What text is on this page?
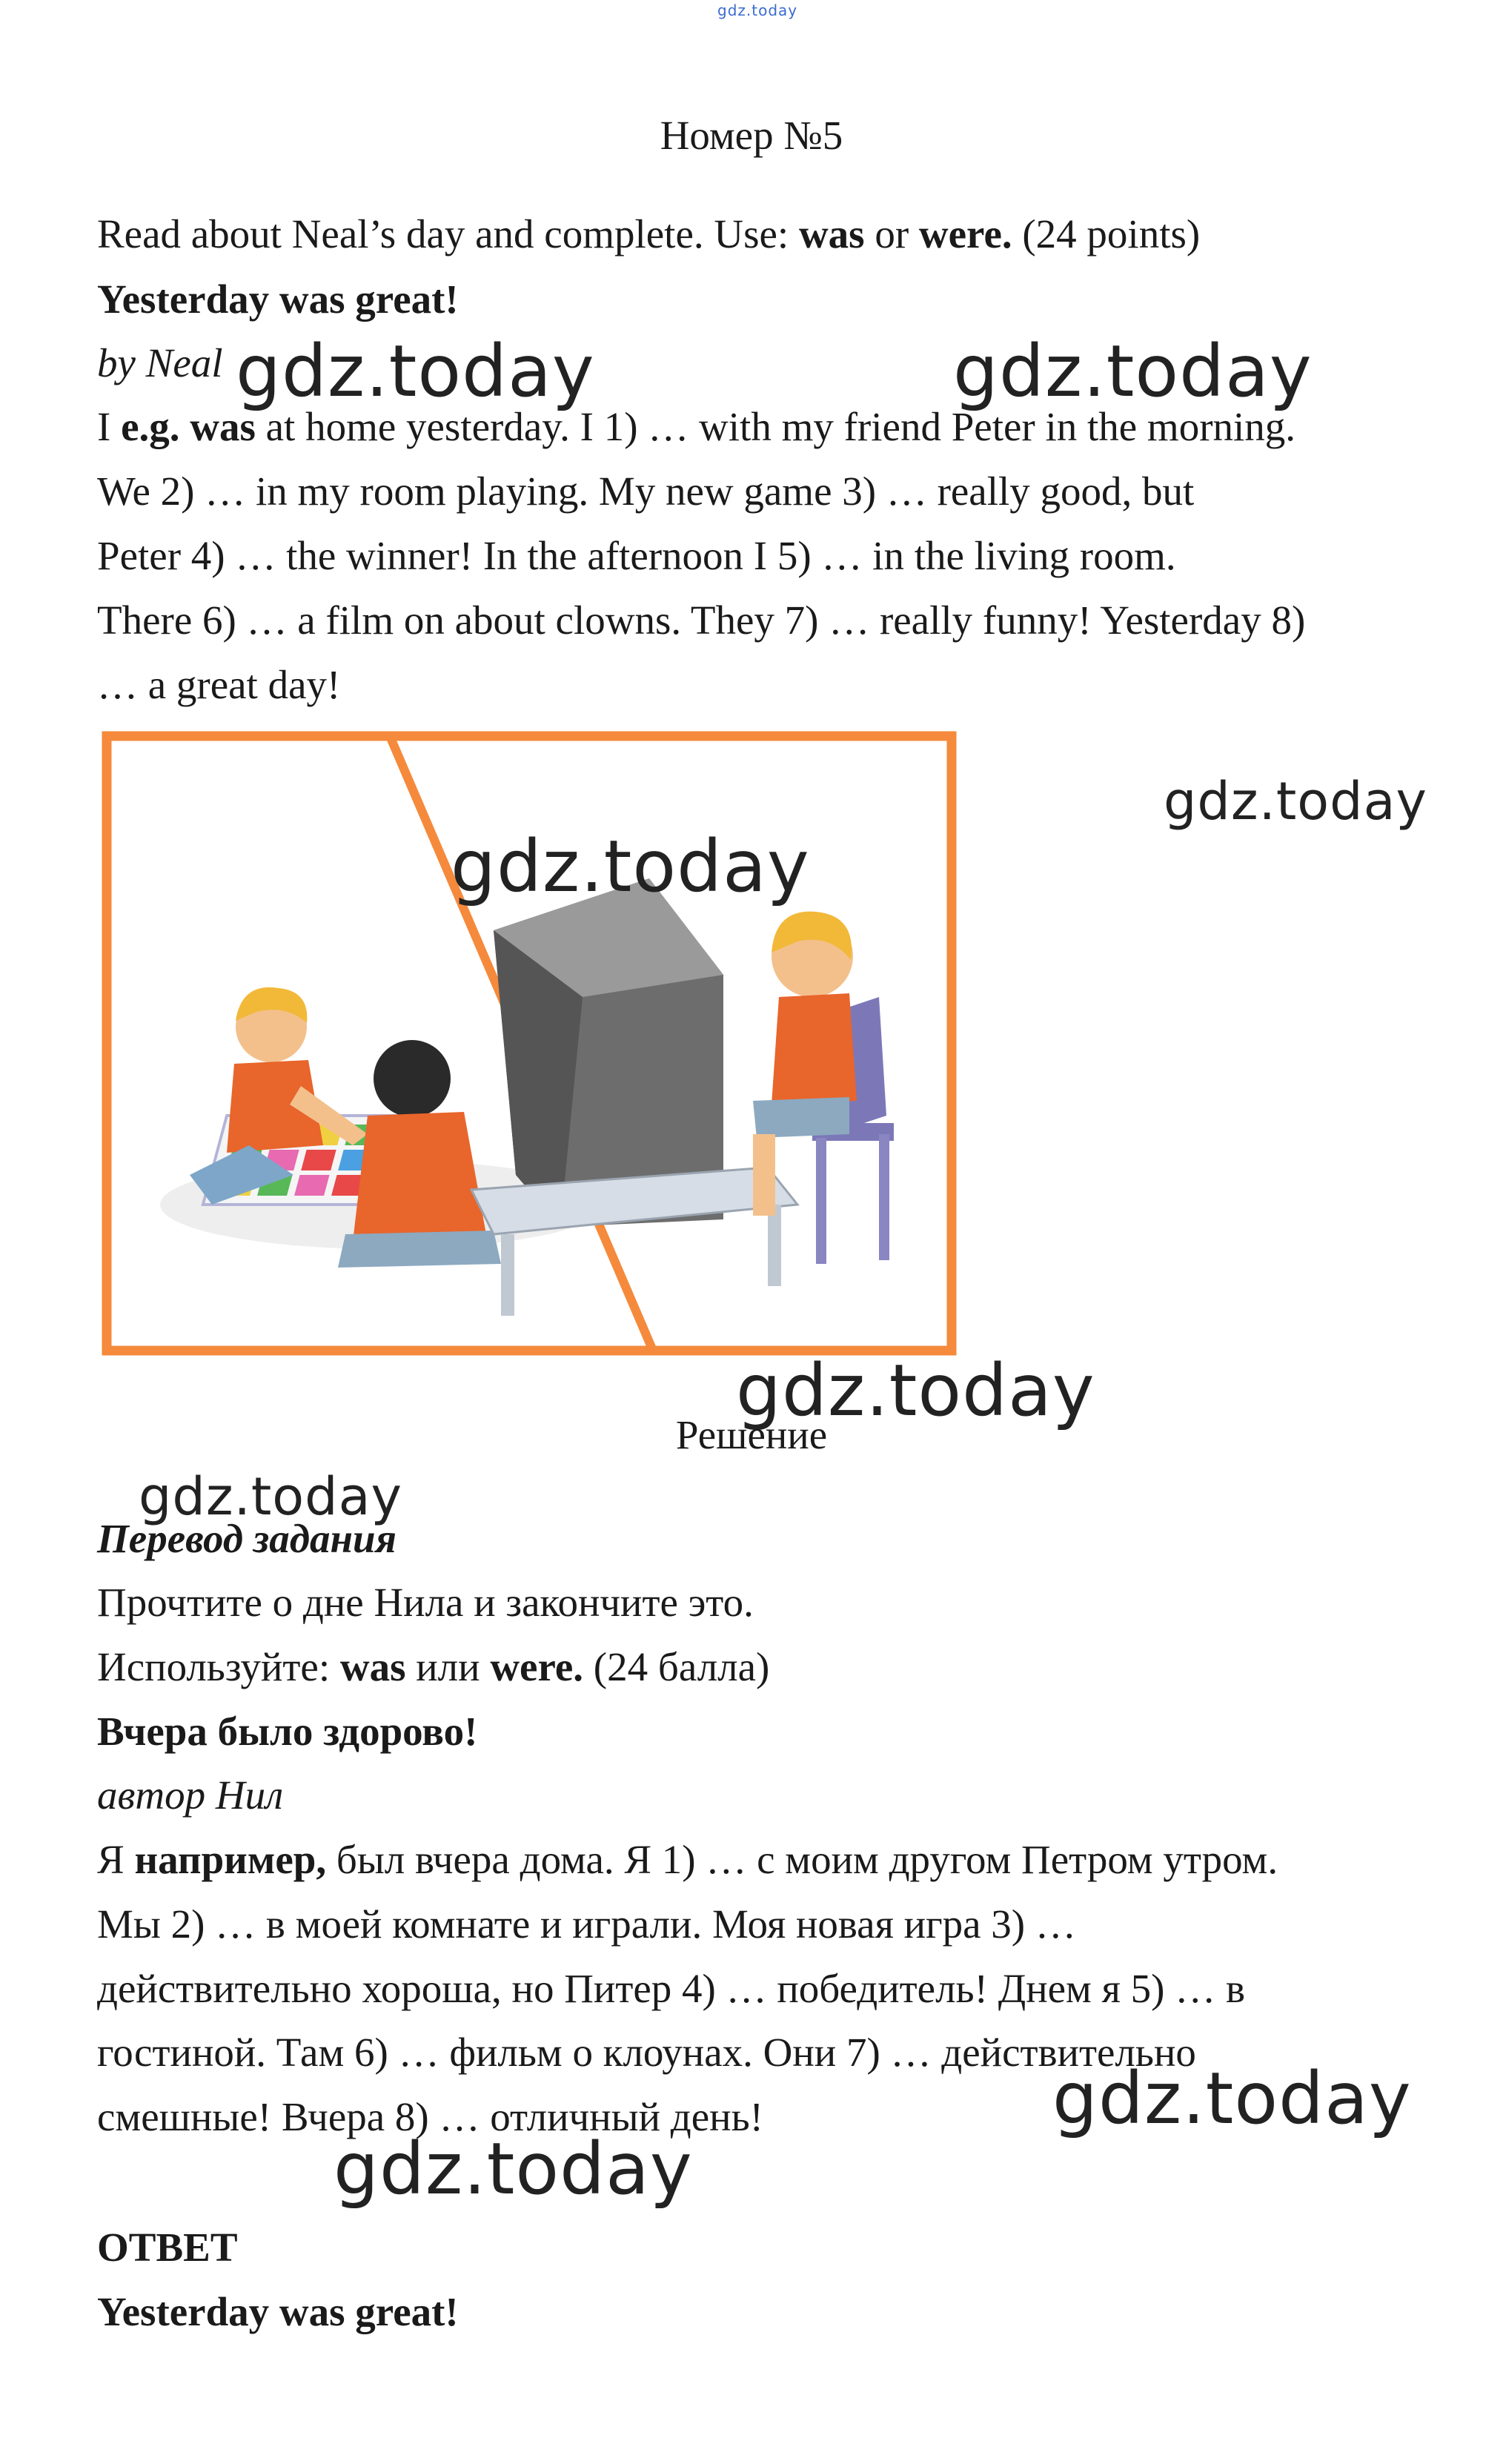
gdz.today
Номер №5
Read about Neal’s day and complete. Use: was or were. (24 points)
Yesterday was great!
by Neal gdz.today	gdz.today
I e.g. was at home yesterday. I 1) … with my friend Peter in the morning.
We 2) … in my room playing. My new game 3) … really good, but
Peter 4) … the winner! In the afternoon I 5) … in the living room.
There 6) … a film on about clowns. They 7) … really funny! Yesterday 8)
… a great day!
gdz.today
gdz.today
gdz.today
Решение
gdz.today
Перевод задания
Прочтите о дне Нила и закончите это.
Используйте: was или were. (24 балла)
Вчера было здорово!
автор Нил
Я например, был вчера дома. Я 1) … с моим другом Петром утром.
Мы 2) … в моей комнате и играли. Моя новая игра 3) …
действительно хороша, но Питер 4) … победитель! Днем я 5) … в
гостиной. Там 6) … фильм о клоунах. Они 7) … действительно
смешные! Вчера 8) … отличный день!	gdz.today
gdz.today
ОТВЕТ
Yesterday was great!
